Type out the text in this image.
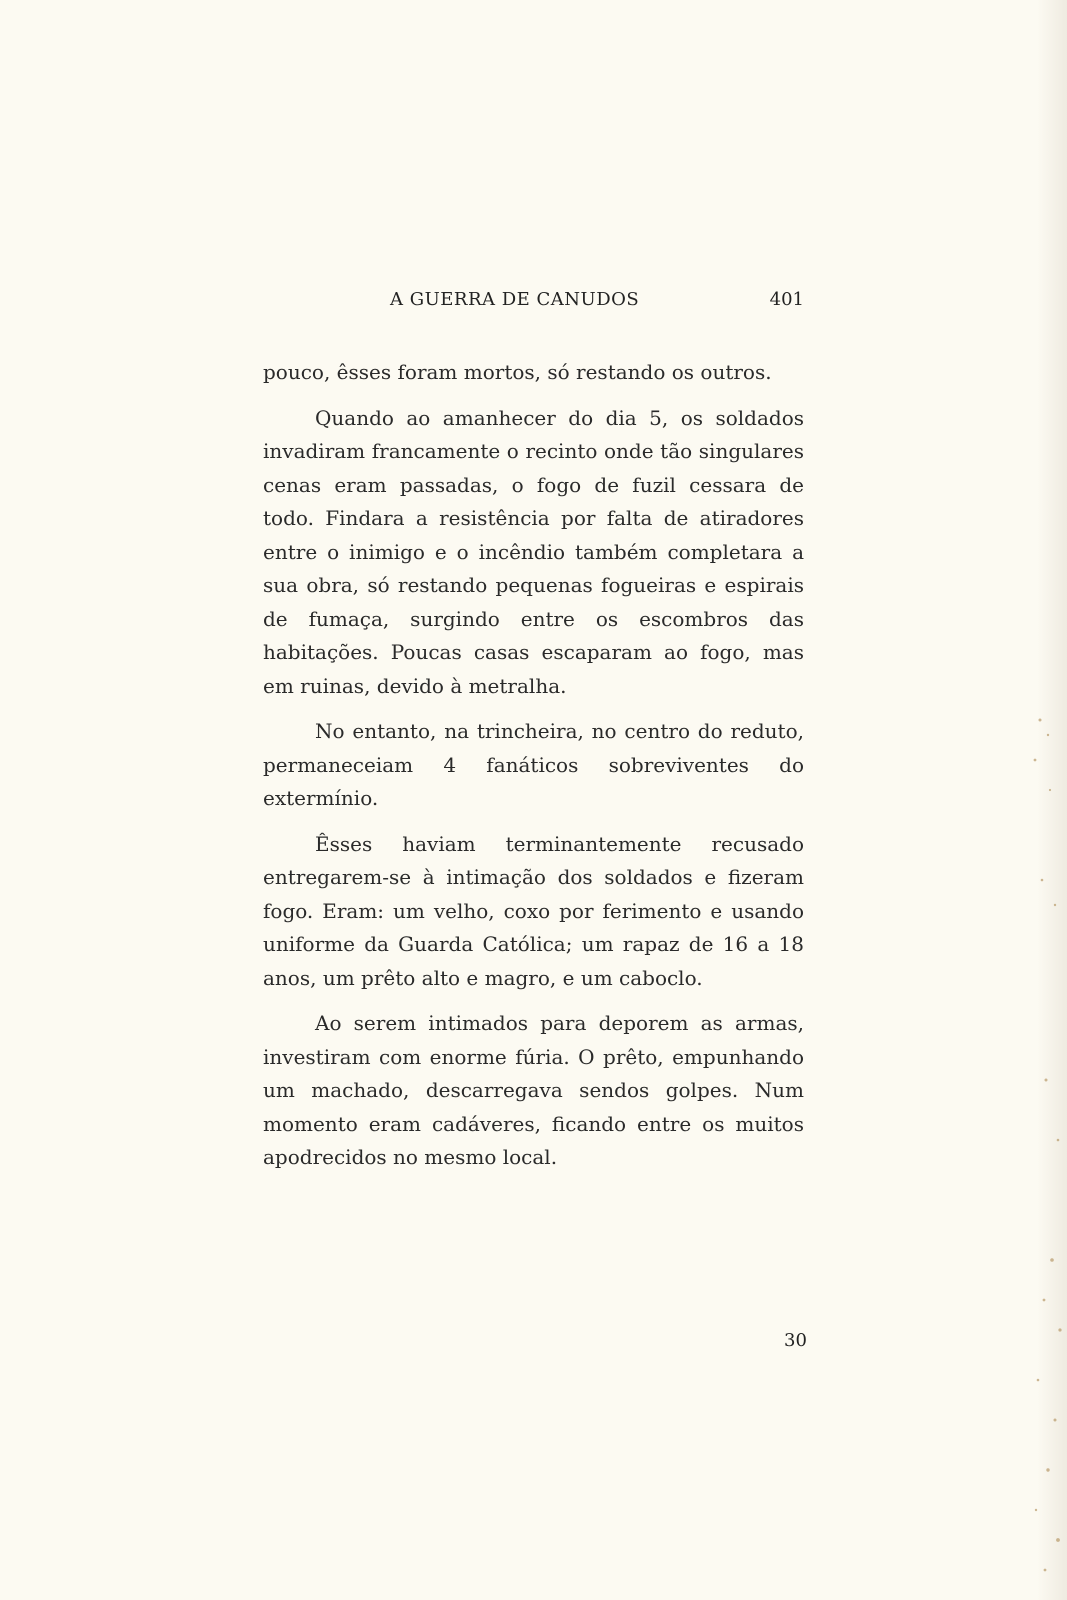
A GUERRA DE CANUDOS	401

pouco, êsses foram mortos, só restando os outros.

Quando ao amanhecer do dia 5, os soldados invadiram francamente o recinto onde tão singulares cenas eram passadas, o fogo de fuzil cessara de todo. Findara a resistência por falta de atiradores entre o inimigo e o incêndio também completara a sua obra, só restando pequenas fogueiras e espirais de fumaça, surgindo entre os escombros das habitações. Poucas casas escaparam ao fogo, mas em ruinas, devido à metralha.

No entanto, na trincheira, no centro do reduto, permaneceiam 4 fanáticos sobreviventes do extermínio.

Êsses haviam terminantemente recusado entregarem-se à intimação dos soldados e fizeram fogo. Eram: um velho, coxo por ferimento e usando uniforme da Guarda Católica; um rapaz de 16 a 18 anos, um prêto alto e magro, e um caboclo.

Ao serem intimados para deporem as armas, investiram com enorme fúria. O prêto, empunhando um machado, descarregava sendos golpes. Num momento eram cadáveres, ficando entre os muitos apodrecidos no mesmo local.

30
